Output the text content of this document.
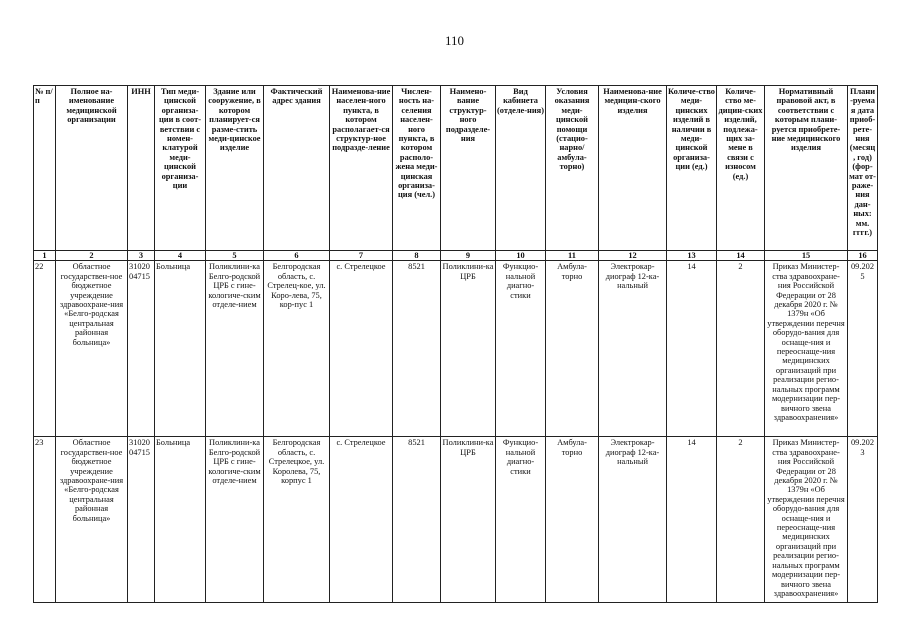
110
№ п/п	Полное на-именование медицинской организации	ИНН	Тип меди-цинской организа-ции в соот-ветствии с номен-клатурой меди-цинской организа-ции	Здание или сооружение, в котором планирует-ся разме-стить меди-цинское изделие	Фактический адрес здания	Наименова-ние населен-ного пункта, в котором располагает-ся структур-ное подразде-ление	Числен-ность на-селения населен-ного пункта, в котором располо-жена меди-цинская организа-ция (чел.)	Наимено-вание структур-ного подразделе-ния	Вид кабинета (отделе-ния)	Условия оказания меди-цинской помощи (стацио-нарно/ амбула-торно)	Наименова-ние медицин-ского изделия	Количе-ство меди-цинских изделий в наличии в меди-цинской организа-ции (ед.)	Количе-ство ме-дицин-ских изделий, подлежа-щих за-мене в связи с износом (ед.)	Нормативный правовой акт, в соответствии с которым плани-руется приобрете-ние медицинского изделия	Плани-руемая дата приоб-рете-ния (месяц, год) (фор-мат от-раже-ния дан-ных: мм. гггг.)
1	2	3	4	5	6	7	8	9	10	11	12	13	14	15	16
22	Областное государствен-ное бюджетное учреждение здравоохране-ния «Белго-родская центральная районная больница»	31020 04715	Больница	Поликлини-ка Белго-родской ЦРБ с гине-кологиче-ским отделе-нием	Белгородская область, с. Стрелец-кое, ул. Коро-лева, 75, кор-пус 1	с. Стрелецкое	8521	Поликлини-ка ЦРБ	Функцио-нальной диагно-стики	Амбула-торно	Электрокар-диограф 12-ка-нальный	14	2	Приказ Министер-ства здравоохране-ния Российской Федерации от 28 декабря 2020 г. № 1379н «Об утверждении перечня оборудо-вания для оснаще-ния и переоснаще-ния медицинских организаций при реализации регио-нальных программ модернизации пер-вичного звена здравоохранения»	09.2025
23	Областное государствен-ное бюджетное учреждение здравоохране-ния «Белго-родская центральная районная больница»	31020 04715	Больница	Поликлини-ка Белго-родской ЦРБ с гине-кологиче-ским отделе-нием	Белгородская область, с. Стрелецкое, ул. Королева, 75, корпус 1	с. Стрелецкое	8521	Поликлини-ка ЦРБ	Функцио-нальной диагно-стики	Амбула-торно	Электрокар-диограф 12-ка-нальный	14	2	Приказ Министер-ства здравоохране-ния Российской Федерации от 28 декабря 2020 г. № 1379н «Об утверждении перечня оборудо-вания для оснаще-ния и переоснаще-ния медицинских организаций при реализации регио-нальных программ модернизации пер-вичного звена здравоохранения»	09.2023
